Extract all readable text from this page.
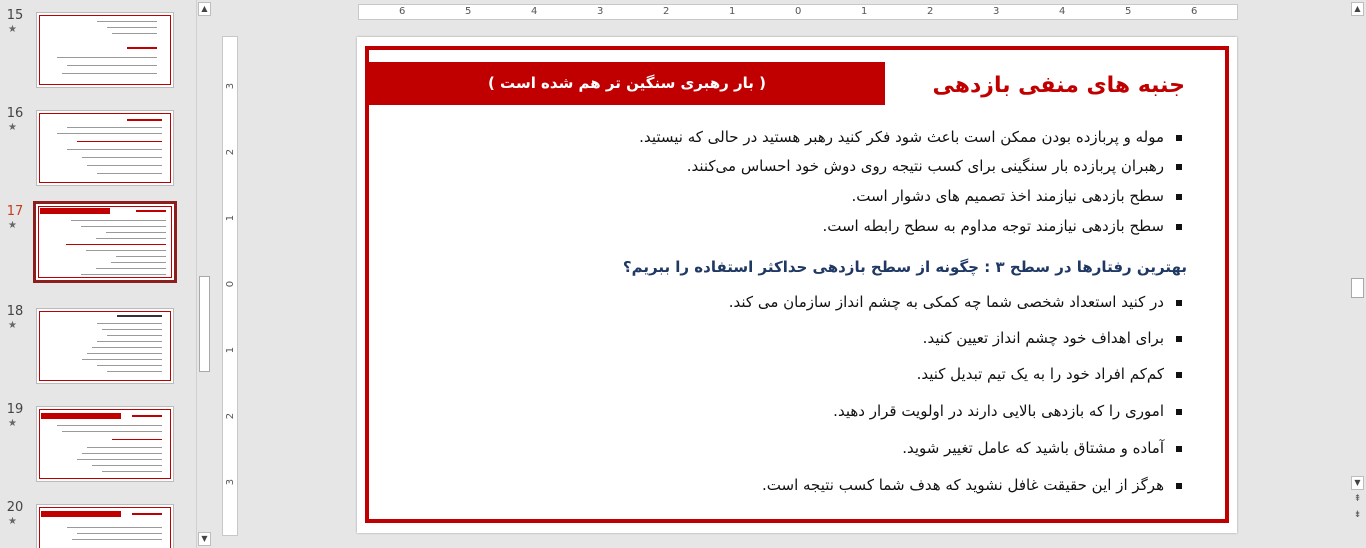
15
★
16
★
17
★
18
★
19
★
20
★
▲
▼
6	5	4	3	2	1	0	1	2	3	4	5	6
3
2
1
0
1
2
3
( بار رهبری سنگین تر هم شده است )	جنبه های منفی بازدهی
موله و پربازده بودن ممکن است باعث شود فکر کنید رهبر هستید در حالی که نیستید.
رهبران پربازده بار سنگینی برای کسب نتیجه روی دوش خود احساس می‌کنند.
سطح بازدهی نیازمند اخذ تصمیم های دشوار است.
سطح بازدهی نیازمند توجه مداوم به سطح رابطه است.
بهترین رفتارها در سطح ۳ : چگونه از سطح بازدهی حداکثر استفاده را ببریم؟
در کنید استعداد شخصی شما چه کمکی به چشم انداز سازمان می کند.
برای اهداف خود چشم انداز تعیین کنید.
کم‌کم افراد خود را به یک تیم تبدیل کنید.
اموری را که بازدهی بالایی دارند در اولویت قرار دهید.
آماده و مشتاق باشید که عامل تغییر شوید.
هرگز از این حقیقت غافل نشوید که هدف شما کسب نتیجه است.
▲
▼
⇞
⇟
